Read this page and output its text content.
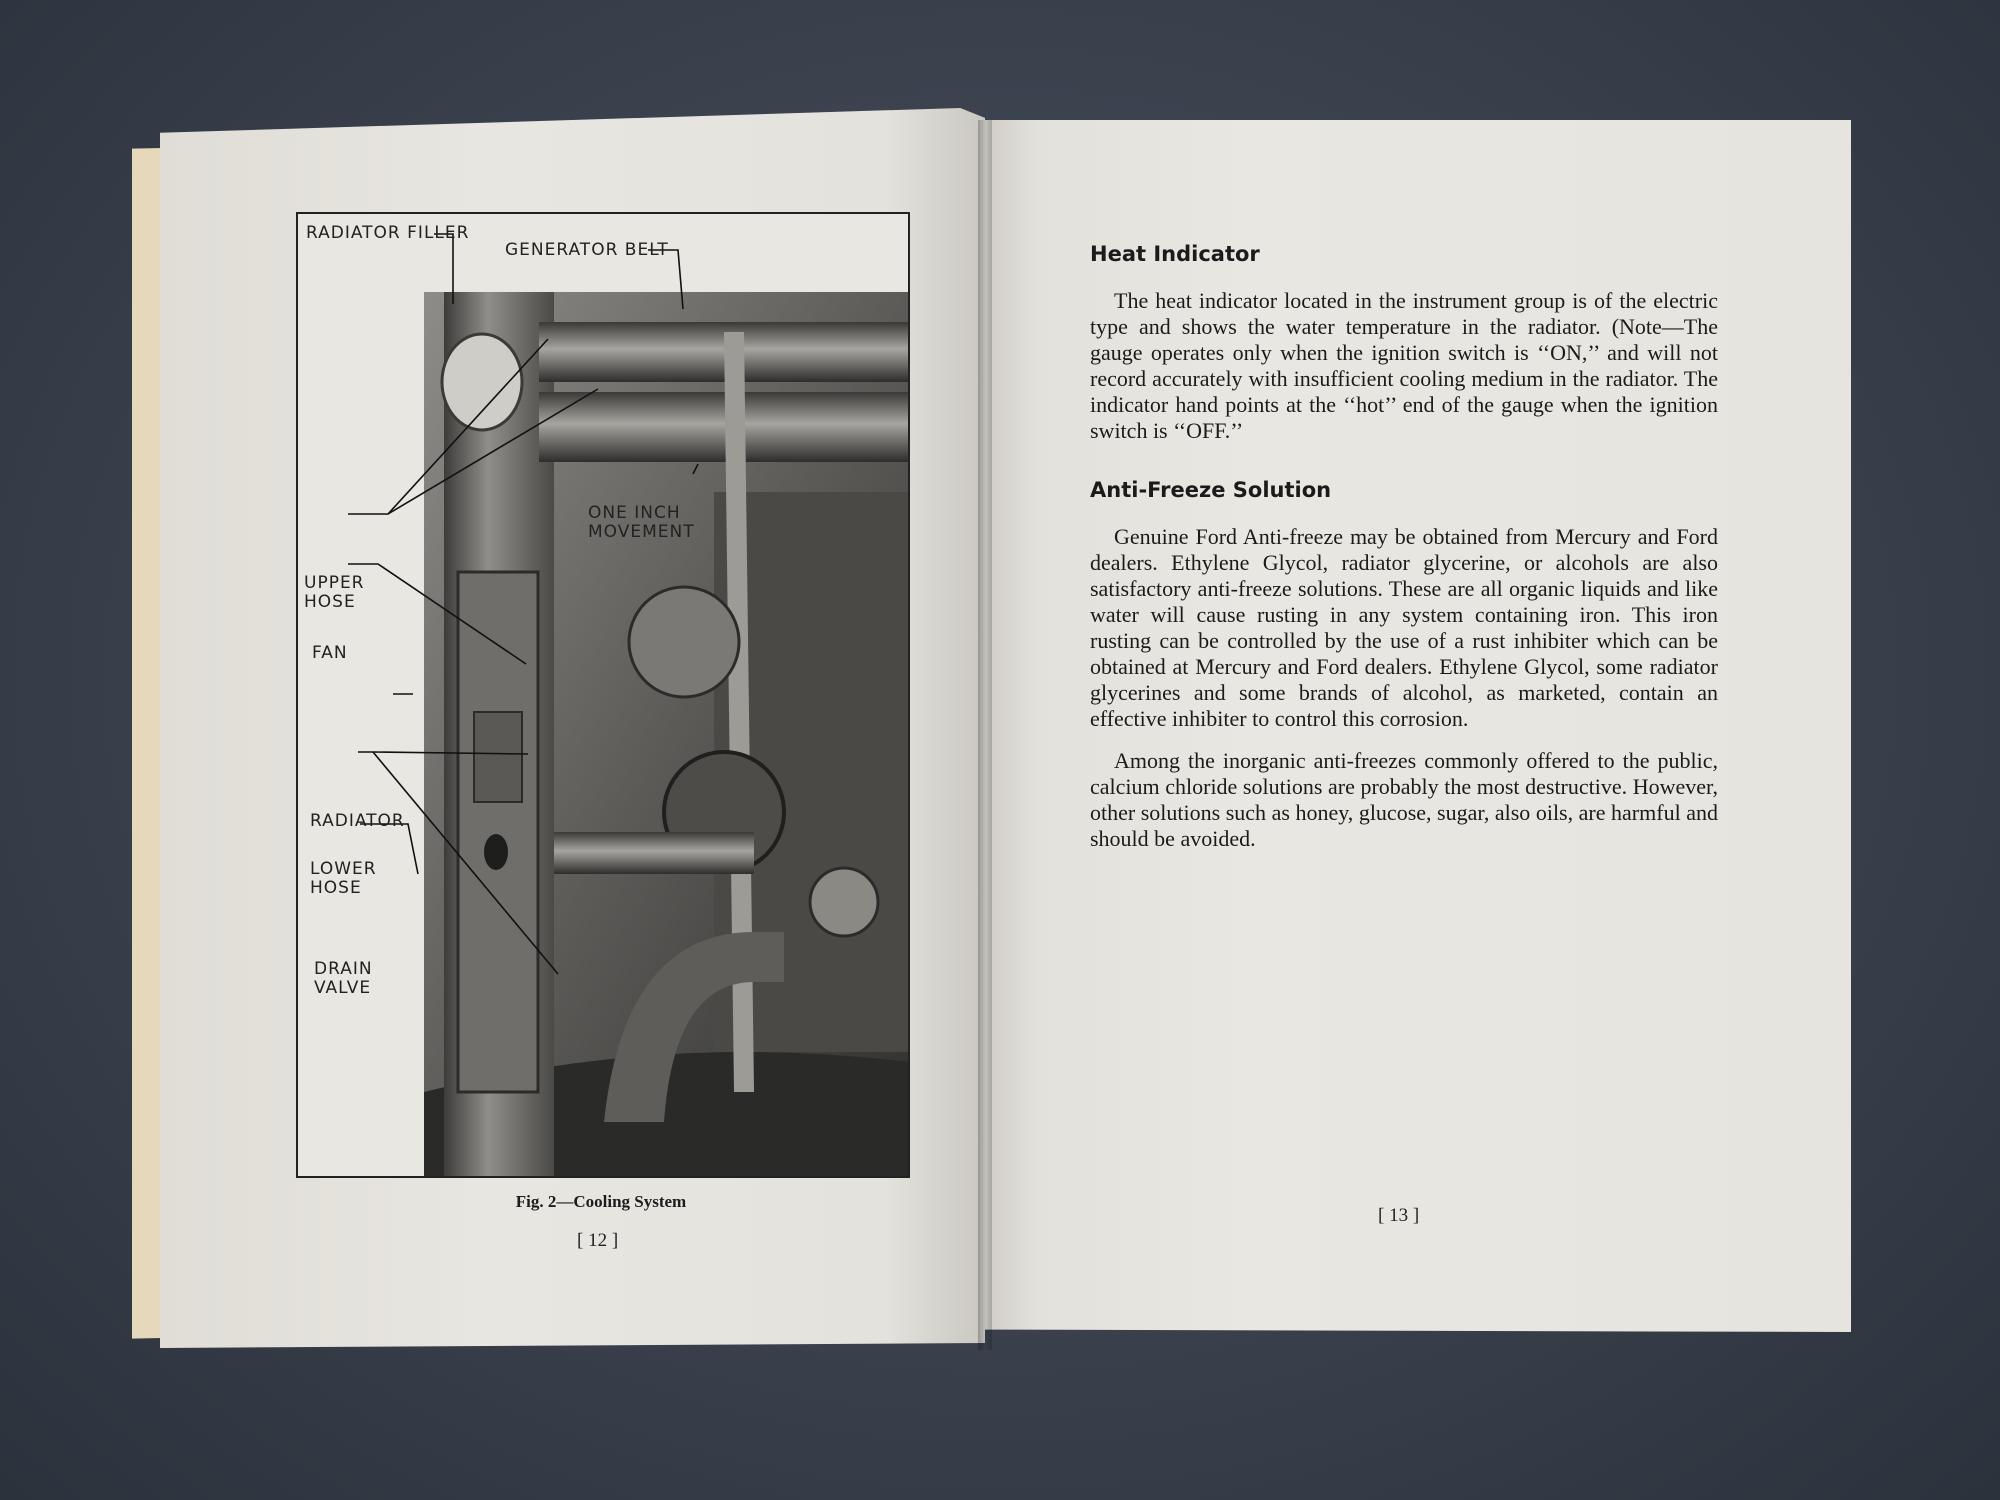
RADIATOR FILLER
GENERATOR BELT
ONE INCH
MOVEMENT
UPPER
HOSE
FAN
RADIATOR
LOWER
HOSE
DRAIN
VALVE
Fig. 2—Cooling System
[ 12 ]
Heat Indicator

The heat indicator located in the instrument group is of the electric type and shows the water temperature in the radiator. (Note—The gauge operates only when the ignition switch is ‘‘ON,’’ and will not record accurately with insufficient cooling medium in the radiator. The indicator hand points at the ‘‘hot’’ end of the gauge when the ignition switch is ‘‘OFF.’’

Anti-Freeze Solution

Genuine Ford Anti-freeze may be obtained from Mercury and Ford dealers. Ethylene Glycol, radiator glycerine, or alcohols are also satisfactory anti-freeze solutions. These are all organic liquids and like water will cause rusting in any system containing iron. This iron rusting can be controlled by the use of a rust inhibiter which can be obtained at Mercury and Ford dealers. Ethylene Glycol, some radiator glycerines and some brands of alcohol, as marketed, contain an effective inhibiter to control this corrosion.

Among the inorganic anti-freezes commonly offered to the public, calcium chloride solutions are probably the most destructive. However, other solutions such as honey, glucose, sugar, also oils, are harmful and should be avoided.

[ 13 ]
